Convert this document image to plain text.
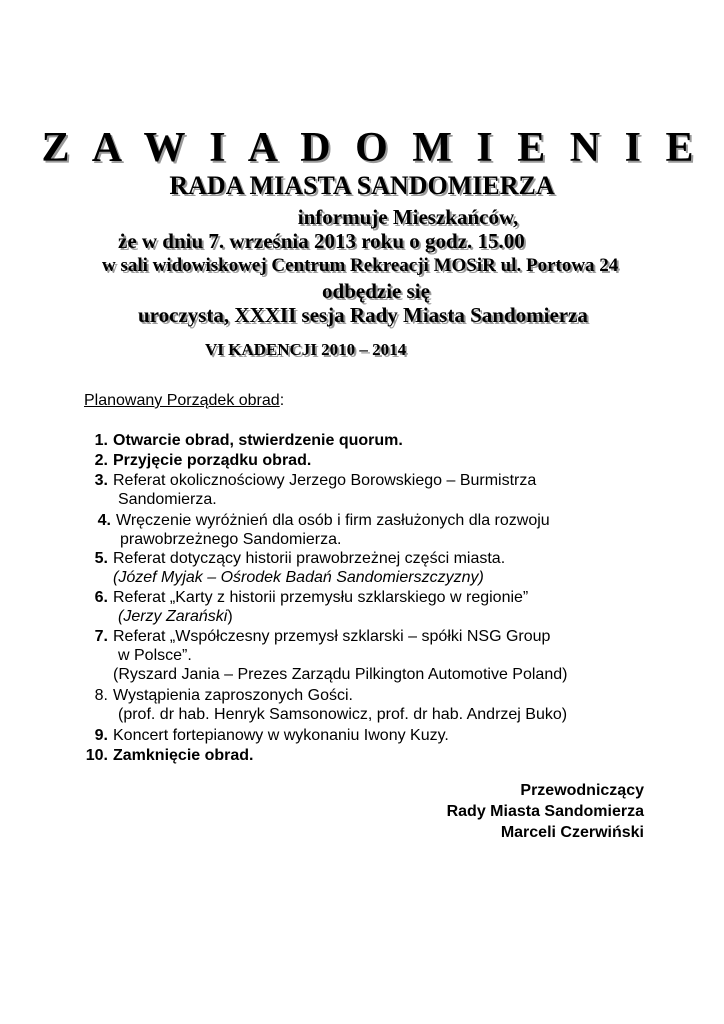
Z A W I A D O M I E N I E
RADA MIASTA SANDOMIERZA
informuje Mieszkańców,
że w dniu 7. września 2013 roku o godz. 15.00
w sali widowiskowej Centrum Rekreacji MOSiR ul. Portowa 24
odbędzie się
uroczysta, XXXII sesja Rady Miasta Sandomierza
VI KADENCJI 2010 – 2014
Planowany Porządek obrad:
1. Otwarcie obrad, stwierdzenie quorum.
2. Przyjęcie porządku obrad.
3. Referat okolicznościowy Jerzego Borowskiego – Burmistrza
Sandomierza.
4. Wręczenie wyróżnień dla osób i firm zasłużonych dla rozwoju
prawobrzeżnego Sandomierza.
5. Referat dotyczący historii prawobrzeżnej części miasta.
(Józef Myjak – Ośrodek Badań Sandomierszczyzny)
6. Referat „Karty z historii przemysłu szklarskiego w regionie”
(Jerzy Zarański)
7. Referat „Współczesny przemysł szklarski – spółki NSG Group
w Polsce”.
(Ryszard Jania – Prezes Zarządu Pilkington Automotive Poland)
8. Wystąpienia zaproszonych Gości.
(prof. dr hab. Henryk Samsonowicz, prof. dr hab. Andrzej Buko)
9. Koncert fortepianowy w wykonaniu Iwony Kuzy.
10. Zamknięcie obrad.
Przewodniczący
Rady Miasta Sandomierza
Marceli Czerwiński
